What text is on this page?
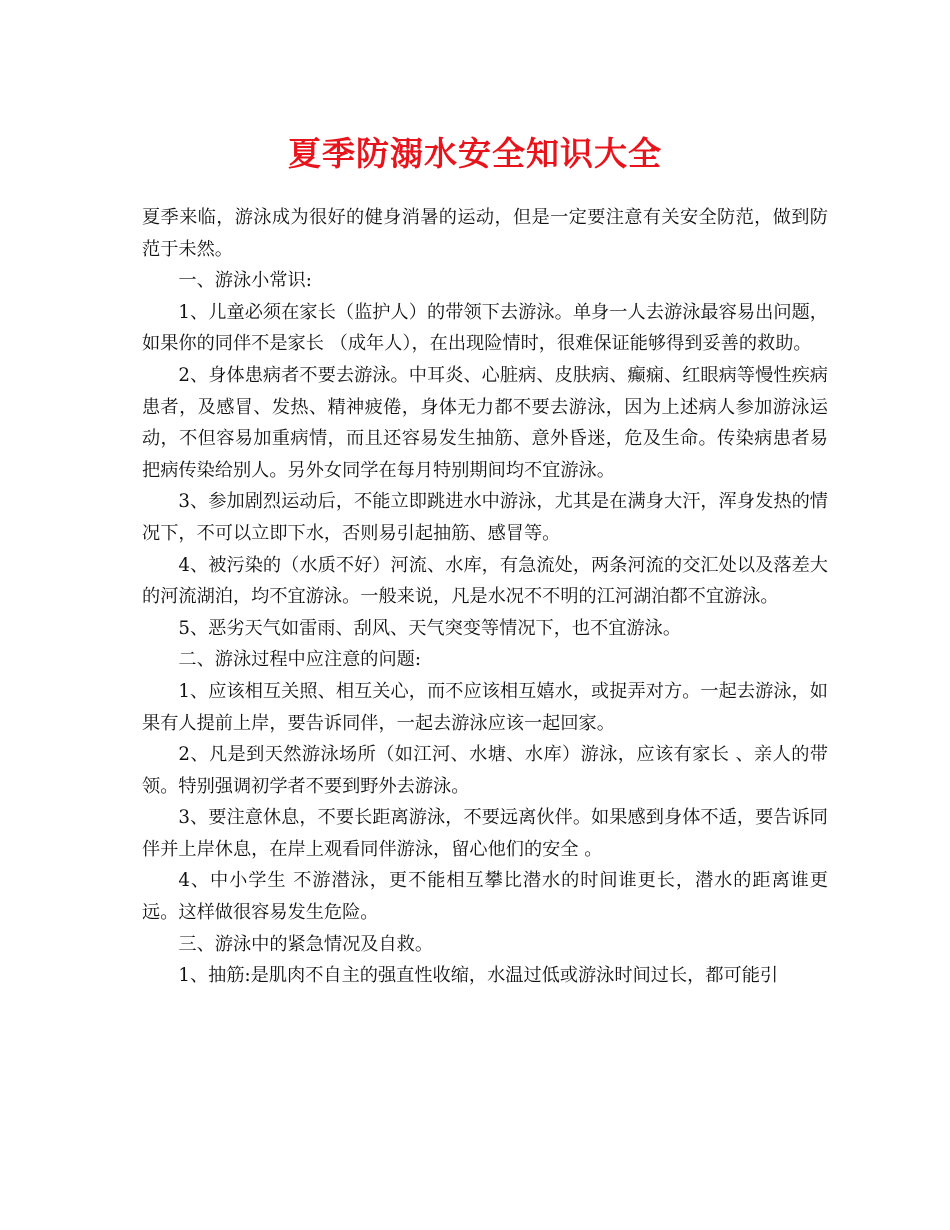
夏季防溺水安全知识大全

夏季来临，游泳成为很好的健身消暑的运动，但是一定要注意有关安全防范，做到防范于未然。

一、游泳小常识:

1、儿童必须在家长（监护人）的带领下去游泳。单身一人去游泳最容易出问题，如果你的同伴不是家长 （成年人），在出现险情时，很难保证能够得到妥善的救助。

2、身体患病者不要去游泳。中耳炎、心脏病、皮肤病、癫痫、红眼病等慢性疾病患者，及感冒、发热、精神疲倦，身体无力都不要去游泳，因为上述病人参加游泳运动，不但容易加重病情，而且还容易发生抽筋、意外昏迷，危及生命。传染病患者易把病传染给别人。另外女同学在每月特别期间均不宜游泳。

3、参加剧烈运动后，不能立即跳进水中游泳，尤其是在满身大汗，浑身发热的情况下，不可以立即下水，否则易引起抽筋、感冒等。

4、被污染的（水质不好）河流、水库，有急流处，两条河流的交汇处以及落差大的河流湖泊，均不宜游泳。一般来说，凡是水况不不明的江河湖泊都不宜游泳。

5、恶劣天气如雷雨、刮风、天气突变等情况下，也不宜游泳。

二、游泳过程中应注意的问题:

1、应该相互关照、相互关心，而不应该相互嬉水，或捉弄对方。一起去游泳，如果有人提前上岸，要告诉同伴，一起去游泳应该一起回家。

2、凡是到天然游泳场所（如江河、水塘、水库）游泳，应该有家长 、亲人的带领。特别强调初学者不要到野外去游泳。

3、要注意休息，不要长距离游泳，不要远离伙伴。如果感到身体不适，要告诉同伴并上岸休息，在岸上观看同伴游泳，留心他们的安全 。

4、中小学生 不游潜泳，更不能相互攀比潜水的时间谁更长，潜水的距离谁更远。这样做很容易发生危险。

三、游泳中的紧急情况及自救。

1、抽筋:是肌肉不自主的强直性收缩，水温过低或游泳时间过长，都可能引
